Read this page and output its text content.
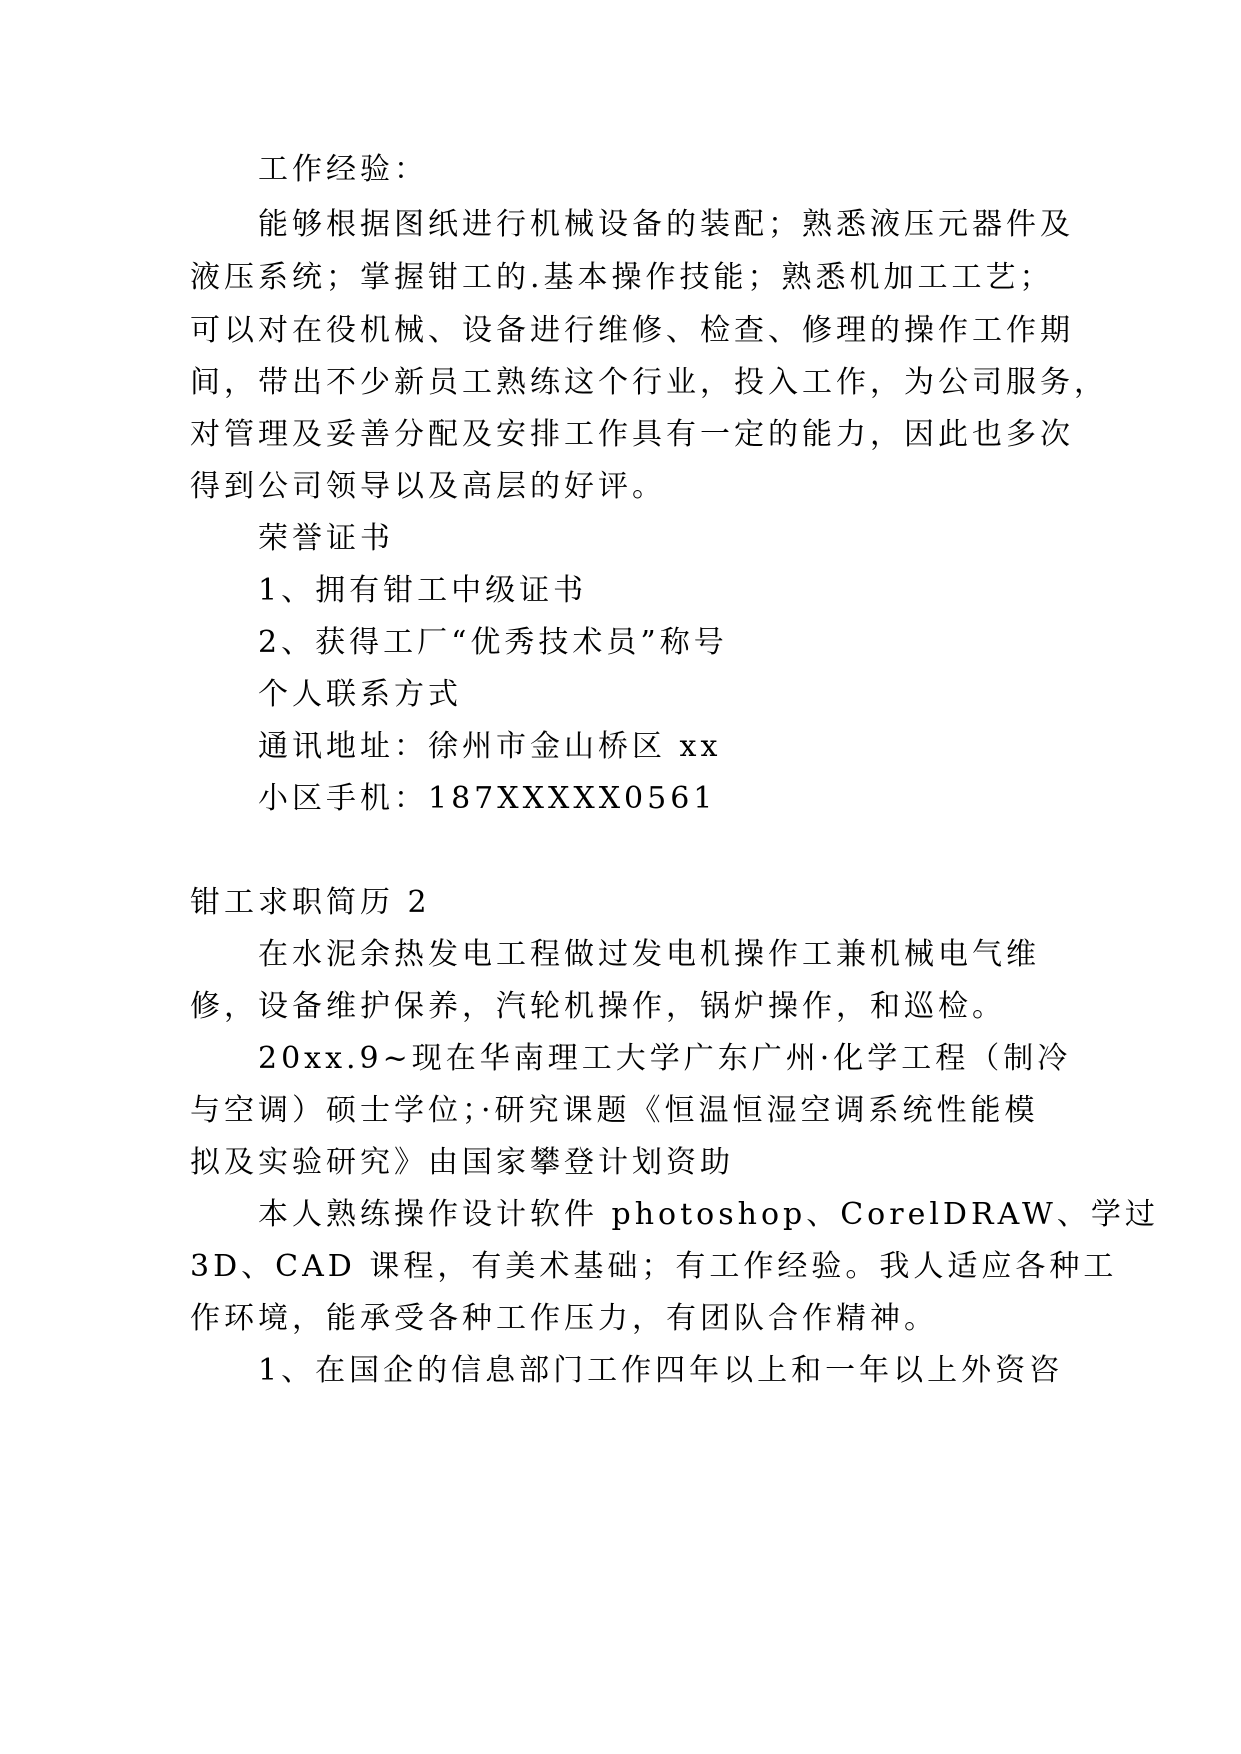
工作经验：
能够根据图纸进行机械设备的装配；熟悉液压元器件及
液压系统；掌握钳工的.基本操作技能；熟悉机加工工艺；
可以对在役机械、设备进行维修、检查、修理的操作工作期
间，带出不少新员工熟练这个行业，投入工作，为公司服务，
对管理及妥善分配及安排工作具有一定的能力，因此也多次
得到公司领导以及高层的好评。
荣誉证书
1、拥有钳工中级证书
2、获得工厂“优秀技术员”称号
个人联系方式
通讯地址：徐州市金山桥区 xx
小区手机：187XXXXX0561
钳工求职简历 2
在水泥余热发电工程做过发电机操作工兼机械电气维
修，设备维护保养，汽轮机操作，锅炉操作，和巡检。
20xx.9~现在华南理工大学广东广州·化学工程（制冷
与空调）硕士学位；·研究课题《恒温恒湿空调系统性能模
拟及实验研究》由国家攀登计划资助
本人熟练操作设计软件 photoshop、CorelDRAW、学过
3D、CAD 课程，有美术基础；有工作经验。我人适应各种工
作环境，能承受各种工作压力，有团队合作精神。
1、在国企的信息部门工作四年以上和一年以上外资咨
